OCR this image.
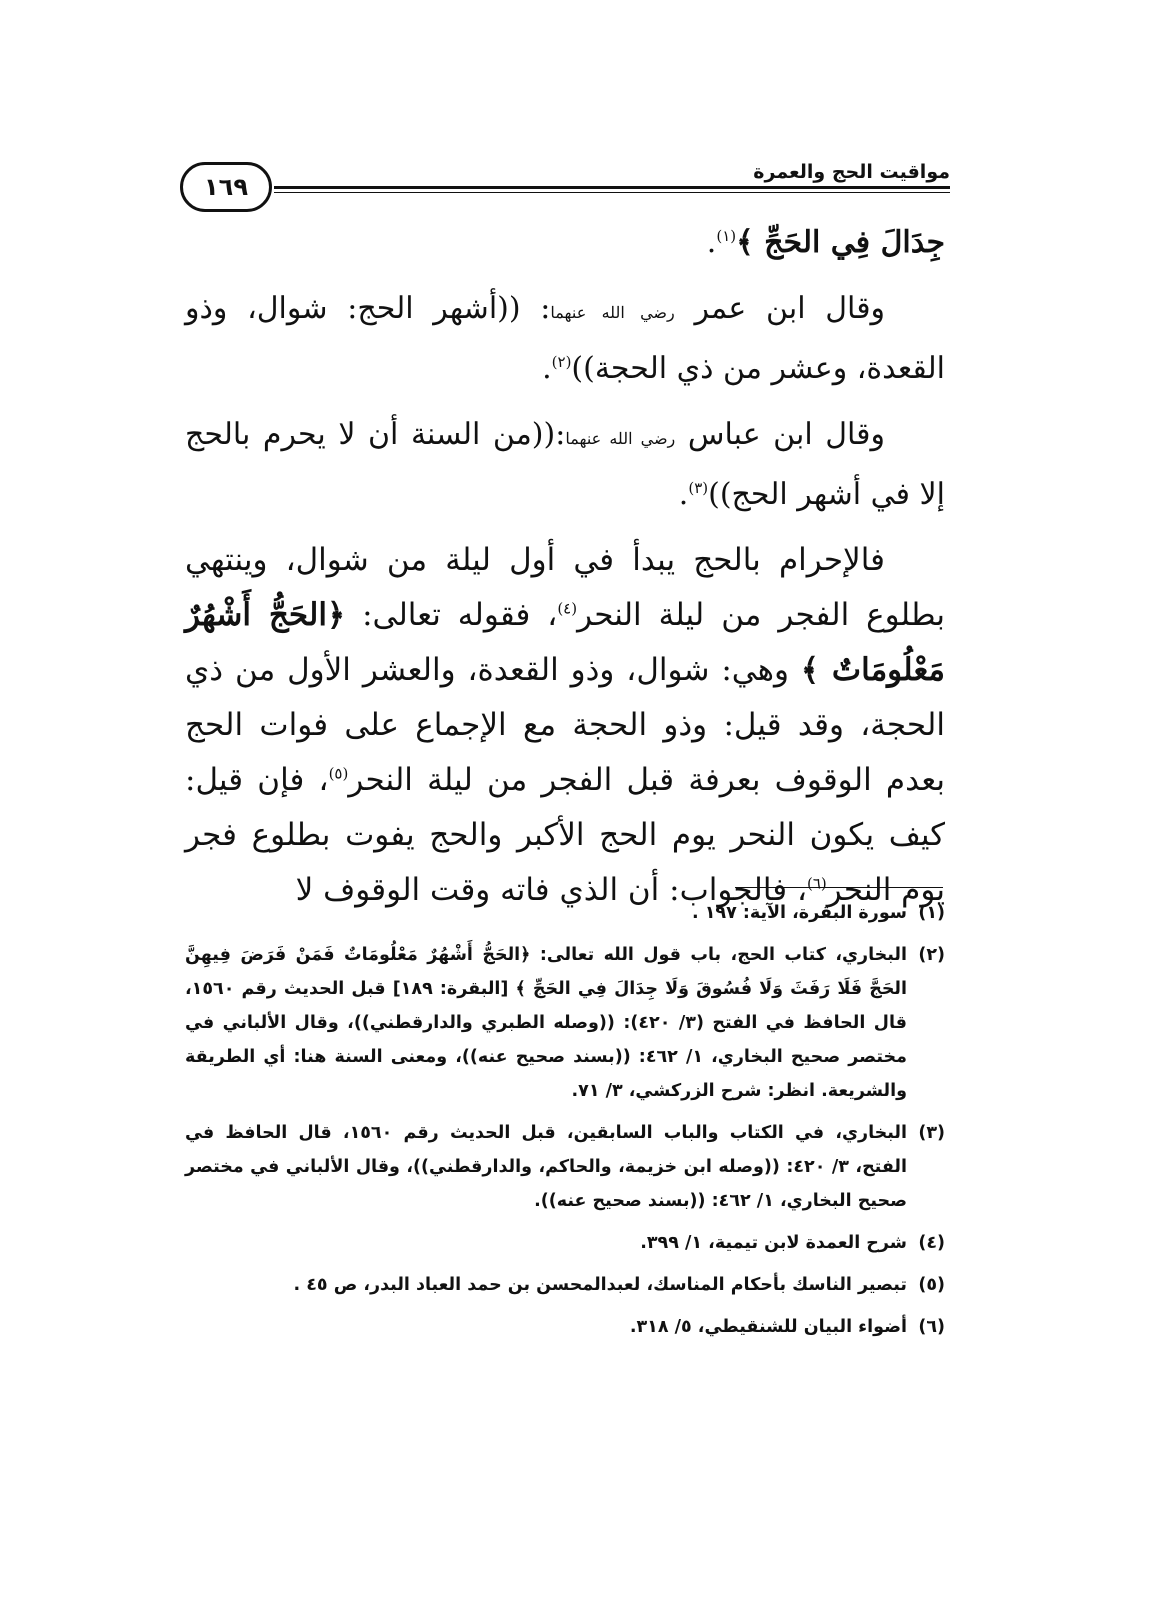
١٦٩
مواقيت الحج والعمرة

جِدَالَ فِي الحَجِّ ﴾$^{(١)}$.

وقال ابن عمر رضي الله عنهما: ((أشهر الحج: شوال، وذو القعدة، وعشر من ذي الحجة))$^{(٢)}$.

وقال ابن عباس رضي الله عنهما:((من السنة أن لا يحرم بالحج إلا في أشهر الحج))$^{(٣)}$.

فالإحرام بالحج يبدأ في أول ليلة من شوال، وينتهي بطلوع الفجر من ليلة النحر$^{(٤)}$، فقوله تعالى: ﴿الحَجُّ أَشْهُرٌ مَعْلُومَاتٌ ﴾ وهي: شوال، وذو القعدة، والعشر الأول من ذي الحجة، وقد قيل: وذو الحجة مع الإجماع على فوات الحج بعدم الوقوف بعرفة قبل الفجر من ليلة النحر$^{(٥)}$، فإن قيل: كيف يكون النحر يوم الحج الأكبر والحج يفوت بطلوع فجر يوم النحر$^{(٦)}$، فالجواب: أن الذي فاته وقت الوقوف لا

(١)
سورة البقرة، الآية: ١٩٧ .
(٢)
البخاري، كتاب الحج، باب قول الله تعالى: ﴿الحَجُّ أَشْهُرٌ مَعْلُومَاتٌ فَمَنْ فَرَضَ فِيهِنَّ الحَجَّ فَلَا رَفَثَ وَلَا فُسُوقَ وَلَا جِدَالَ فِي الحَجِّ ﴾ [البقرة: ١٨٩] قبل الحديث رقم ١٥٦٠، قال الحافظ في الفتح (٣/ ٤٢٠): ((وصله الطبري والدارقطني))، وقال الألباني في مختصر صحيح البخاري، ١/ ٤٦٢: ((بسند صحيح عنه))، ومعنى السنة هنا: أي الطريقة والشريعة. انظر: شرح الزركشي، ٣/ ٧١.
(٣)
البخاري، في الكتاب والباب السابقين، قبل الحديث رقم ١٥٦٠، قال الحافظ في الفتح، ٣/ ٤٢٠: ((وصله ابن خزيمة، والحاكم، والدارقطني))، وقال الألباني في مختصر صحيح البخاري، ١/ ٤٦٢: ((بسند صحيح عنه)).
(٤)
شرح العمدة لابن تيمية، ١/ ٣٩٩.
(٥)
تبصير الناسك بأحكام المناسك، لعبدالمحسن بن حمد العباد البدر، ص ٤٥ .
(٦)
أضواء البيان للشنقيطي، ٥/ ٣١٨.
